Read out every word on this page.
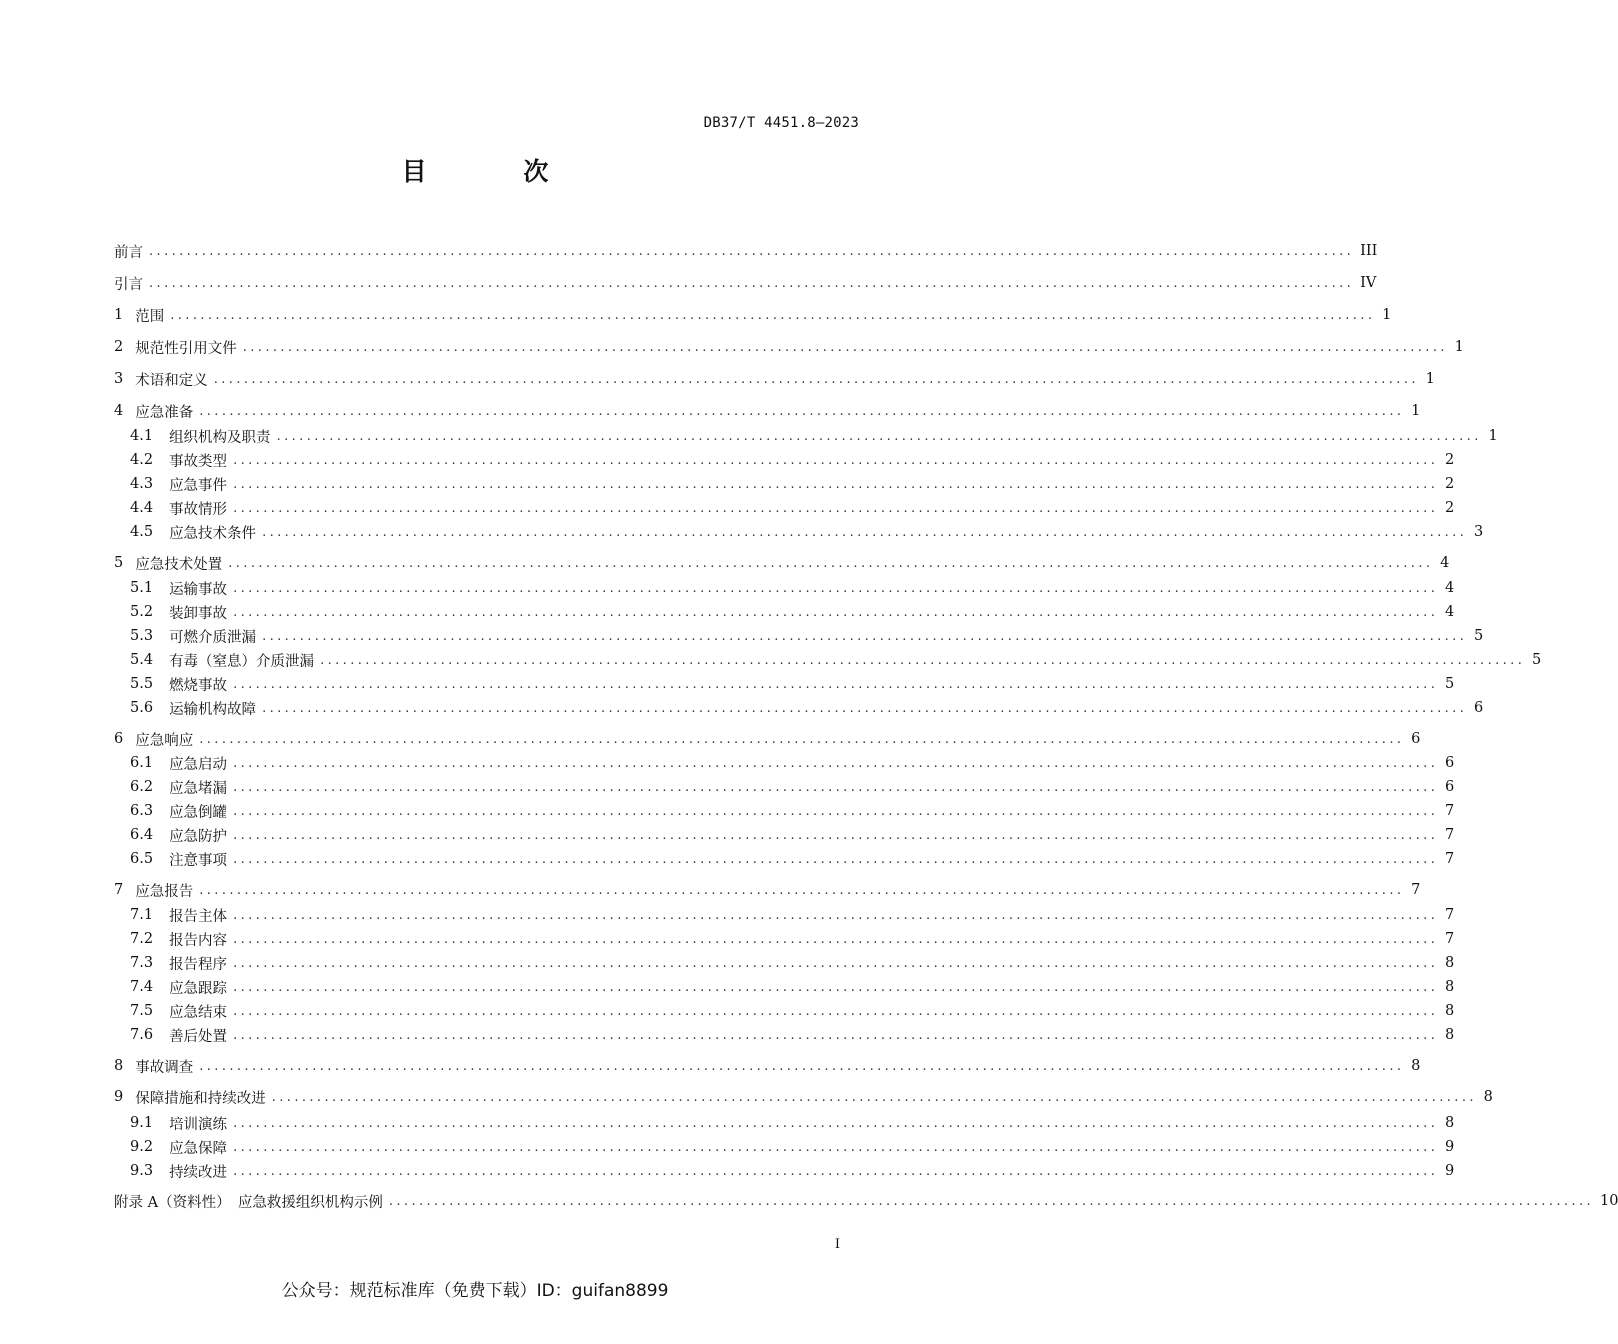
DB37/T 4451.8—2023
目 次
前言 ................................................................................................................................................................ III
引言 ................................................................................................................................................................ IV
1 范围 ................................................................................................................................................................ 1
2 规范性引用文件 ................................................................................................................................................................ 1
3 术语和定义 ................................................................................................................................................................ 1
4 应急准备 ................................................................................................................................................................ 1
4.1 组织机构及职责 ................................................................................................................................................................ 1
4.2 事故类型 ................................................................................................................................................................ 2
4.3 应急事件 ................................................................................................................................................................ 2
4.4 事故情形 ................................................................................................................................................................ 2
4.5 应急技术条件 ................................................................................................................................................................ 3
5 应急技术处置 ................................................................................................................................................................ 4
5.1 运输事故 ................................................................................................................................................................ 4
5.2 装卸事故 ................................................................................................................................................................ 4
5.3 可燃介质泄漏 ................................................................................................................................................................ 5
5.4 有毒（窒息）介质泄漏 ................................................................................................................................................................ 5
5.5 燃烧事故 ................................................................................................................................................................ 5
5.6 运输机构故障 ................................................................................................................................................................ 6
6 应急响应 ................................................................................................................................................................ 6
6.1 应急启动 ................................................................................................................................................................ 6
6.2 应急堵漏 ................................................................................................................................................................ 6
6.3 应急倒罐 ................................................................................................................................................................ 7
6.4 应急防护 ................................................................................................................................................................ 7
6.5 注意事项 ................................................................................................................................................................ 7
7 应急报告 ................................................................................................................................................................ 7
7.1 报告主体 ................................................................................................................................................................ 7
7.2 报告内容 ................................................................................................................................................................ 7
7.3 报告程序 ................................................................................................................................................................ 8
7.4 应急跟踪 ................................................................................................................................................................ 8
7.5 应急结束 ................................................................................................................................................................ 8
7.6 善后处置 ................................................................................................................................................................ 8
8 事故调查 ................................................................................................................................................................ 8
9 保障措施和持续改进 ................................................................................................................................................................ 8
9.1 培训演练 ................................................................................................................................................................ 8
9.2 应急保障 ................................................................................................................................................................ 9
9.3 持续改进 ................................................................................................................................................................ 9
附录 A（资料性）　应急救援组织机构示例 ................................................................................................................................................................ 10
I
公众号：规范标准库（免费下载）ID：guifan8899
